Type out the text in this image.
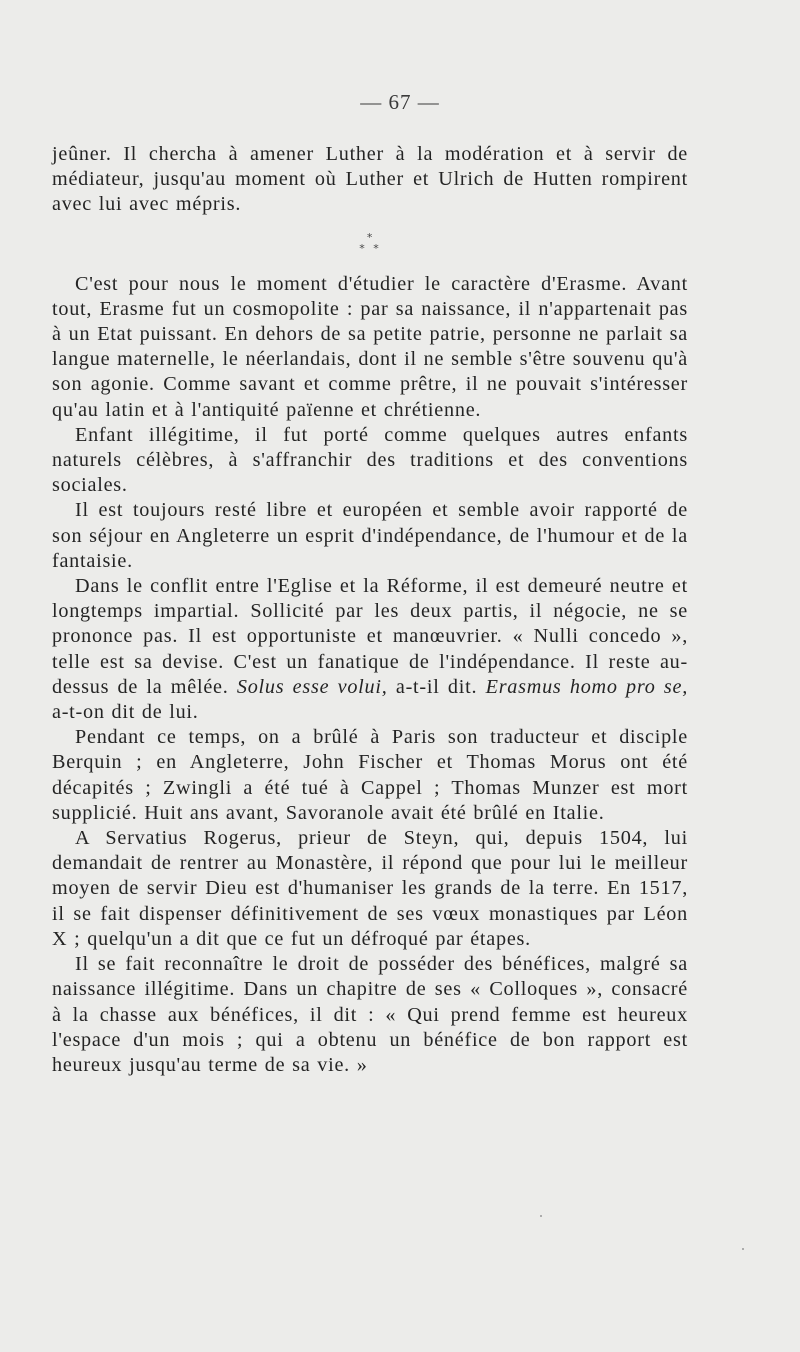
— 67 —

jeûner. Il chercha à amener Luther à la modération et à servir de médiateur, jusqu'au moment où Luther et Ulrich de Hutten rompirent avec lui avec mépris.

*
* *

C'est pour nous le moment d'étudier le caractère d'Erasme. Avant tout, Erasme fut un cosmopolite : par sa naissance, il n'appartenait pas à un Etat puissant. En dehors de sa petite patrie, personne ne parlait sa langue maternelle, le néerlandais, dont il ne semble s'être souvenu qu'à son agonie. Comme savant et comme prêtre, il ne pouvait s'intéresser qu'au latin et à l'antiquité païenne et chrétienne.

Enfant illégitime, il fut porté comme quelques autres enfants naturels célèbres, à s'affranchir des traditions et des conventions sociales.

Il est toujours resté libre et européen et semble avoir rapporté de son séjour en Angleterre un esprit d'indépendance, de l'humour et de la fantaisie.

Dans le conflit entre l'Eglise et la Réforme, il est demeuré neutre et longtemps impartial. Sollicité par les deux partis, il négocie, ne se prononce pas. Il est opportuniste et manœuvrier. « Nulli concedo », telle est sa devise. C'est un fanatique de l'indépendance. Il reste au-dessus de la mêlée. Solus esse volui, a-t-il dit. Erasmus homo pro se, a-t-on dit de lui.

Pendant ce temps, on a brûlé à Paris son traducteur et disciple Berquin ; en Angleterre, John Fischer et Thomas Morus ont été décapités ; Zwingli a été tué à Cappel ; Thomas Munzer est mort supplicié. Huit ans avant, Savoranole avait été brûlé en Italie.

A Servatius Rogerus, prieur de Steyn, qui, depuis 1504, lui demandait de rentrer au Monastère, il répond que pour lui le meilleur moyen de servir Dieu est d'humaniser les grands de la terre. En 1517, il se fait dispenser définitivement de ses vœux monastiques par Léon X ; quelqu'un a dit que ce fut un défroqué par étapes.

Il se fait reconnaître le droit de posséder des bénéfices, malgré sa naissance illégitime. Dans un chapitre de ses « Colloques », consacré à la chasse aux bénéfices, il dit : « Qui prend femme est heureux l'espace d'un mois ; qui a obtenu un bénéfice de bon rapport est heureux jusqu'au terme de sa vie. »
